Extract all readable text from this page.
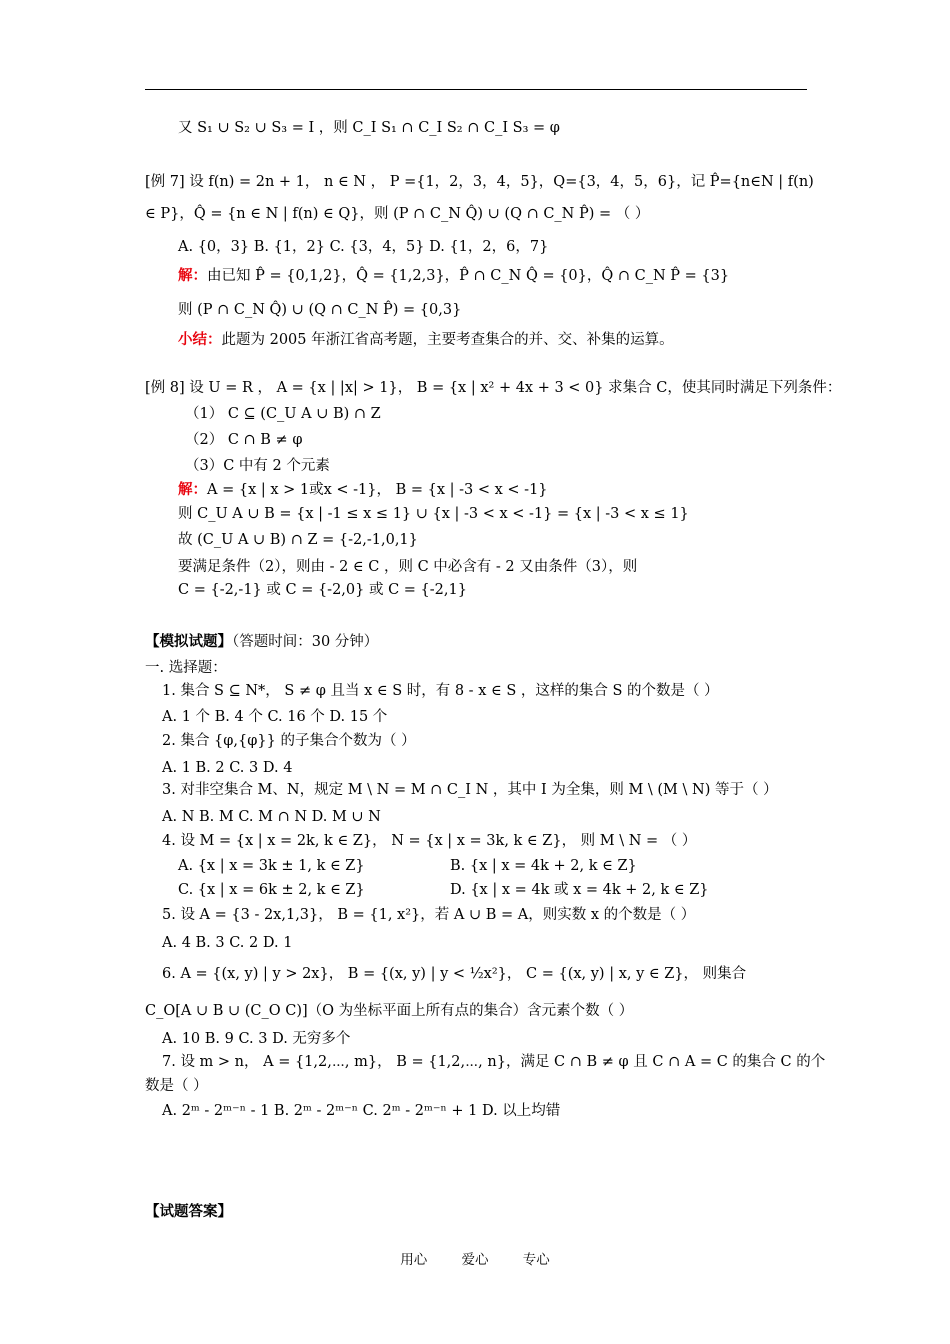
又 S₁ ∪ S₂ ∪ S₃ = I ，则 C_I S₁ ∩ C_I S₂ ∩ C_I S₃ = φ
[例 7] 设 f(n) = 2n + 1， n ∈ N ， P ={1，2，3，4，5}，Q={3，4，5，6}，记 P̂={n∈N | f(n)
∈ P}，Q̂ = {n ∈ N | f(n) ∈ Q}，则 (P ∩ C_N Q̂) ∪ (Q ∩ C_N P̂) = （ ）
A. {0，3} B. {1，2} C. {3，4，5} D. {1，2，6，7}
解：由已知 P̂ = {0,1,2}，Q̂ = {1,2,3}，P̂ ∩ C_N Q̂ = {0}，Q̂ ∩ C_N P̂ = {3}
则 (P ∩ C_N Q̂) ∪ (Q ∩ C_N P̂) = {0,3}
小结：此题为 2005 年浙江省高考题，主要考查集合的并、交、补集的运算。
[例 8] 设 U = R ， A = {x | |x| > 1}， B = {x | x² + 4x + 3 < 0} 求集合 C，使其同时满足下列条件：
（1） C ⊆ (C_U A ∪ B) ∩ Z
（2） C ∩ B ≠ φ
（3）C 中有 2 个元素
解：A = {x | x > 1或x < -1}， B = {x | -3 < x < -1}
则 C_U A ∪ B = {x | -1 ≤ x ≤ 1} ∪ {x | -3 < x < -1} = {x | -3 < x ≤ 1}
故 (C_U A ∪ B) ∩ Z = {-2,-1,0,1}
要满足条件（2），则由 - 2 ∈ C ，则 C 中必含有 - 2 又由条件（3），则
C = {-2,-1} 或 C = {-2,0} 或 C = {-2,1}
【模拟试题】（答题时间：30 分钟）
一. 选择题：
1. 集合 S ⊆ N*， S ≠ φ 且当 x ∈ S 时，有 8 - x ∈ S ，这样的集合 S 的个数是（ ）
A. 1 个 B. 4 个 C. 16 个 D. 15 个
2. 集合 {φ,{φ}} 的子集合个数为（ ）
A. 1 B. 2 C. 3 D. 4
3. 对非空集合 M、N，规定 M \ N = M ∩ C_I N ，其中 I 为全集，则 M \ (M \ N) 等于（ ）
A. N B. M C. M ∩ N D. M ∪ N
4. 设 M = {x | x = 2k, k ∈ Z}， N = {x | x = 3k, k ∈ Z}， 则 M \ N = （ ）
A. {x | x = 3k ± 1, k ∈ Z}	B. {x | x = 4k + 2, k ∈ Z}
C. {x | x = 6k ± 2, k ∈ Z}	D. {x | x = 4k 或 x = 4k + 2, k ∈ Z}
5. 设 A = {3 - 2x,1,3}， B = {1, x²}，若 A ∪ B = A，则实数 x 的个数是（ ）
A. 4 B. 3 C. 2 D. 1
6. A = {(x, y) | y > 2x}， B = {(x, y) | y < ½x²}， C = {(x, y) | x, y ∈ Z}， 则集合
C_O[A ∪ B ∪ (C_O C)]（O 为坐标平面上所有点的集合）含元素个数（ ）
A. 10 B. 9 C. 3 D. 无穷多个
7. 设 m > n， A = {1,2,⋯, m}， B = {1,2,⋯, n}，满足 C ∩ B ≠ φ 且 C ∩ A = C 的集合 C 的个
数是（ ）
A. 2ᵐ - 2ᵐ⁻ⁿ - 1 B. 2ᵐ - 2ᵐ⁻ⁿ C. 2ᵐ - 2ᵐ⁻ⁿ + 1 D. 以上均错
【试题答案】
用心	爱心	专心
